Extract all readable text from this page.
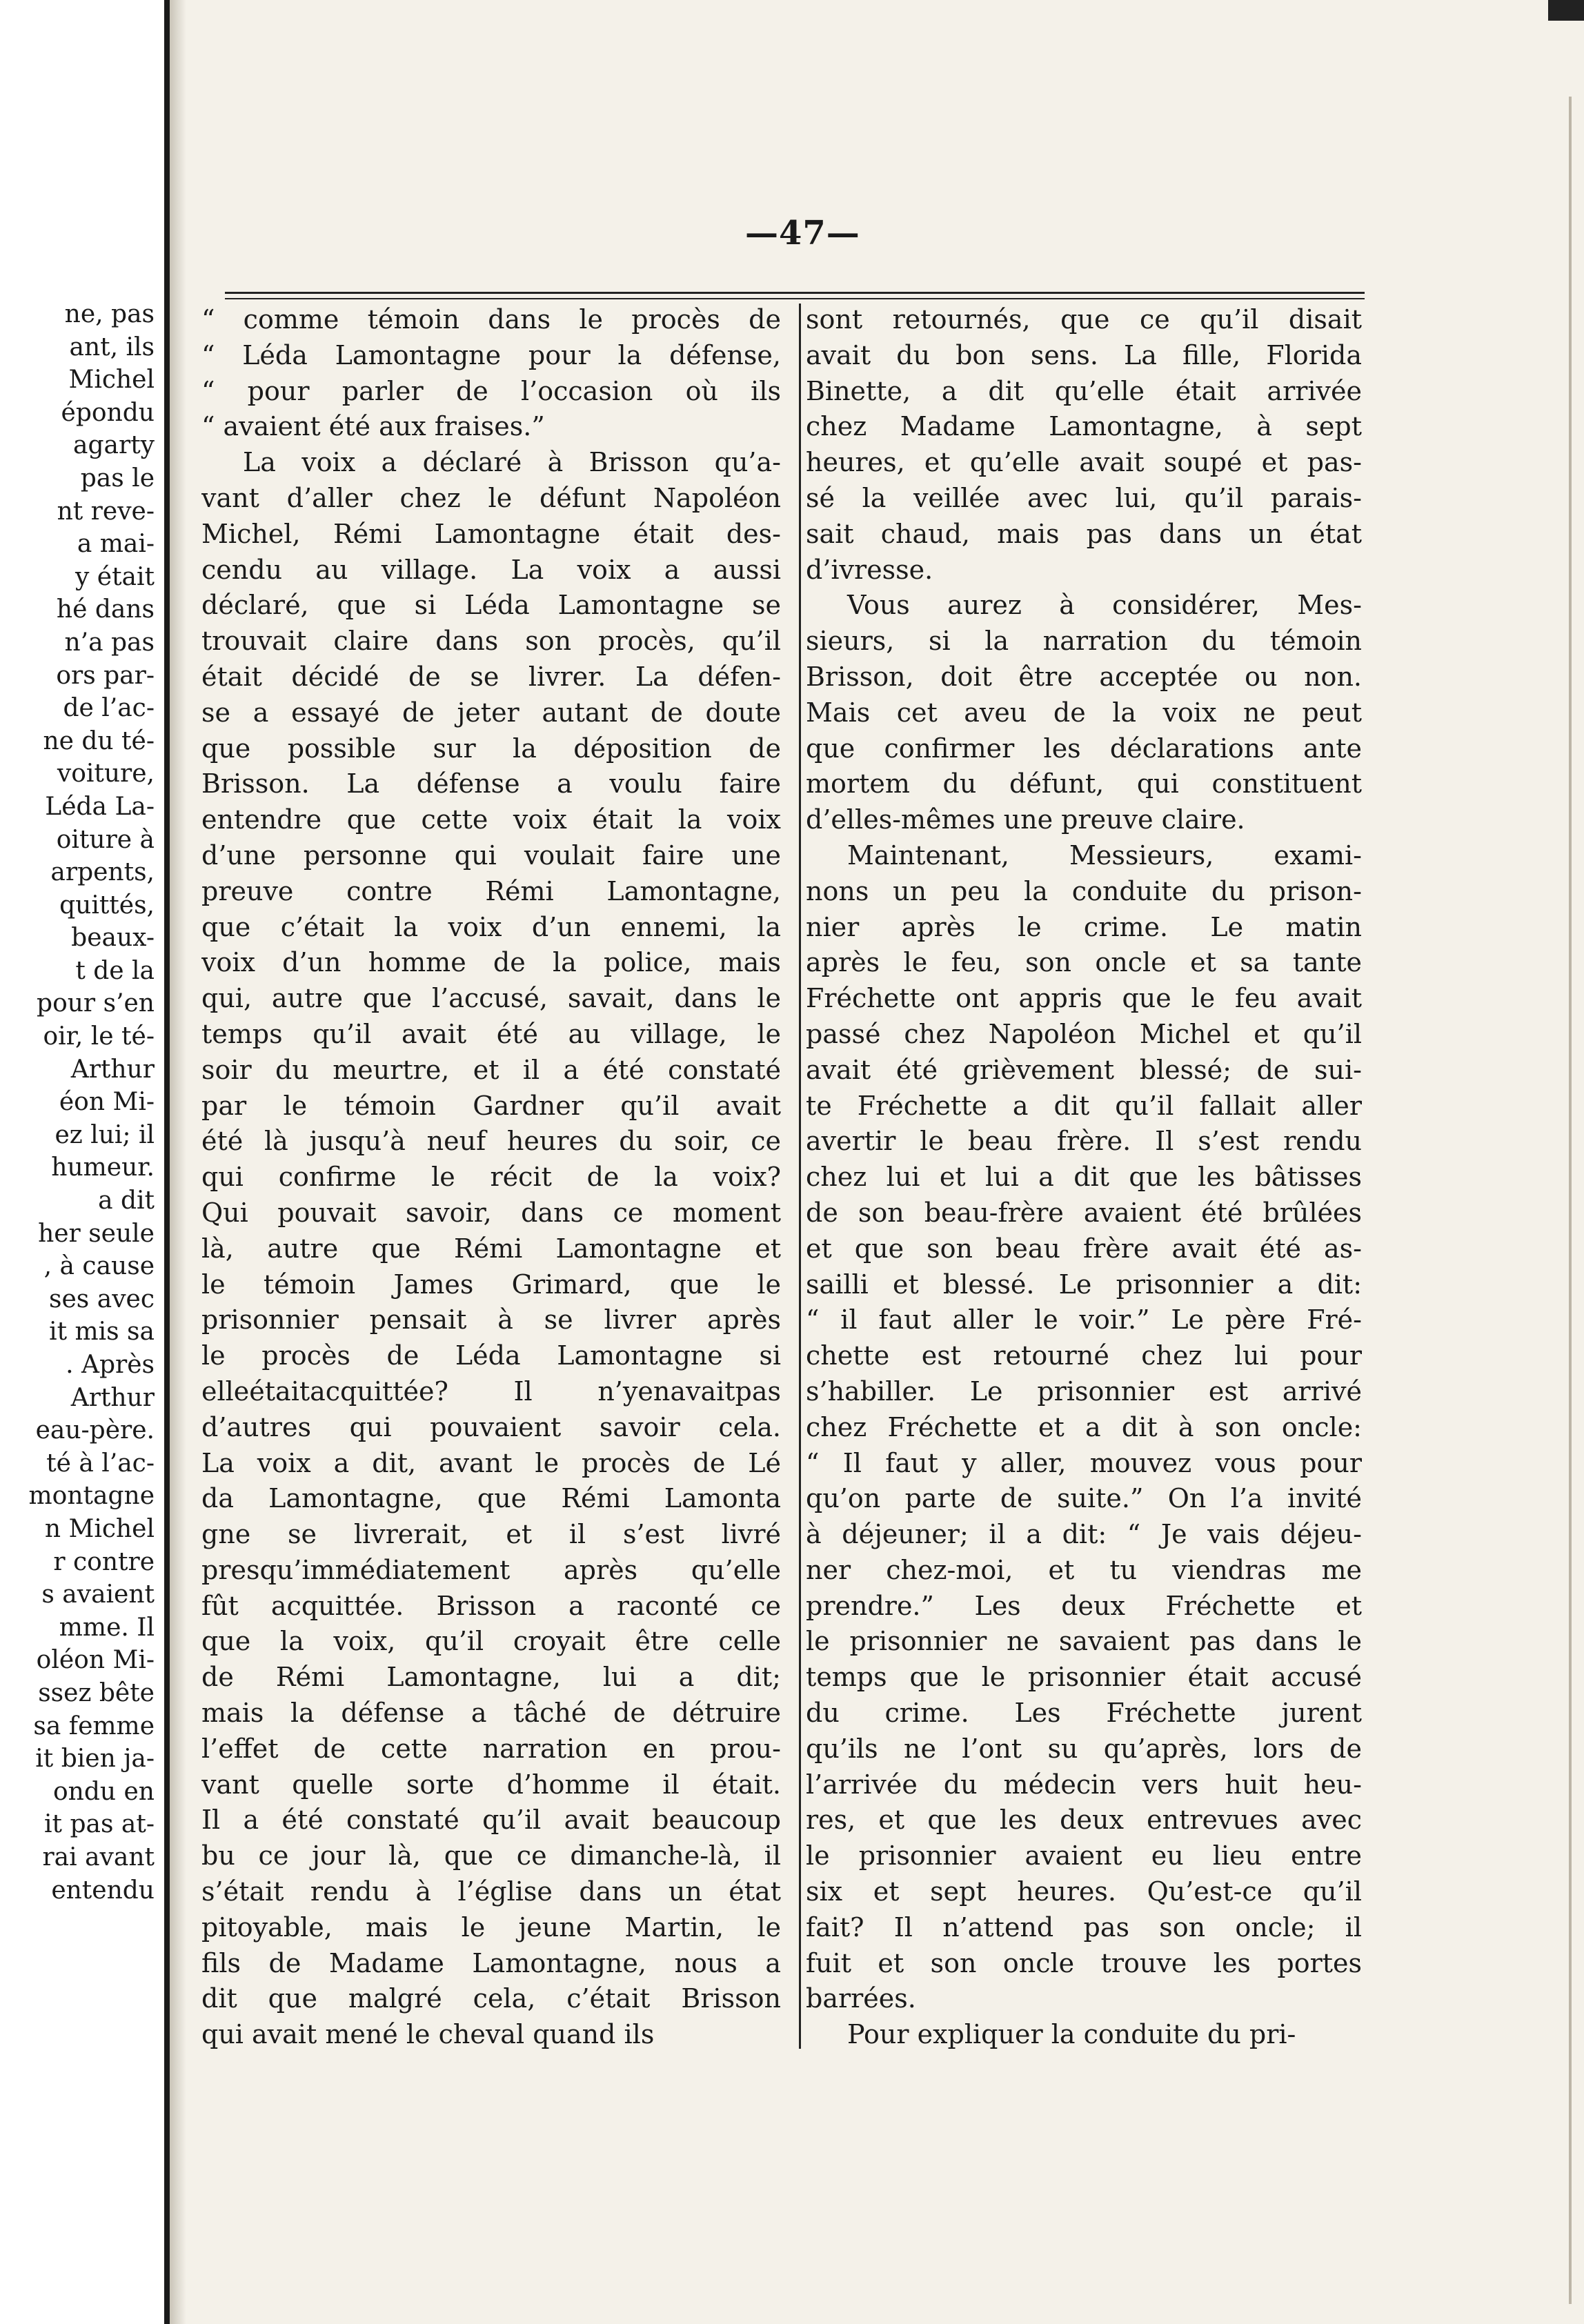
ne, pas
ant, ils
Michel
épondu
agarty
pas le
nt reve-
a mai-
y était
hé dans
n’a pas
ors par-
de l’ac-
ne du té-
voiture,
Léda La-
oiture à
arpents,
quittés,
beaux-
t de la
pour s’en
oir, le té-
Arthur
éon Mi-
ez lui; il
humeur.
a dit
her seule
, à cause
ses avec
it mis sa
. Après
Arthur
eau-père.
té à l’ac-
montagne
n Michel
r contre
s avaient
mme. Il
oléon Mi-
ssez bête
sa femme
it bien ja-
ondu en
it pas at-
rai avant
entendu
—47—
“ comme témoin dans le procès de
“ Léda Lamontagne pour la défense,
“ pour parler de l’occasion où ils
“ avaient été aux fraises.”
La voix a déclaré à Brisson qu’a-
vant d’aller chez le défunt Napoléon
Michel, Rémi Lamontagne était des-
cendu au village. La voix a aussi
déclaré, que si Léda Lamontagne se
trouvait claire dans son procès, qu’il
était décidé de se livrer. La défen-
se a essayé de jeter autant de doute
que possible sur la déposition de
Brisson. La défense a voulu faire
entendre que cette voix était la voix
d’une personne qui voulait faire une
preuve contre Rémi Lamontagne,
que c’était la voix d’un ennemi, la
voix d’un homme de la police, mais
qui, autre que l’accusé, savait, dans le
temps qu’il avait été au village, le
soir du meurtre, et il a été constaté
par le témoin Gardner qu’il avait
été là jusqu’à neuf heures du soir, ce
qui confirme le récit de la voix?
Qui pouvait savoir, dans ce moment
là, autre que Rémi Lamontagne et
le témoin James Grimard, que le
prisonnier pensait à se livrer après
le procès de Léda Lamontagne si
elleétaitacquittée? Il n’yenavaitpas
d’autres qui pouvaient savoir cela.
La voix a dit, avant le procès de Lé
da Lamontagne, que Rémi Lamonta
gne se livrerait, et il s’est livré
presqu’immédiatement après qu’elle
fût acquittée. Brisson a raconté ce
que la voix, qu’il croyait être celle
de Rémi Lamontagne, lui a dit;
mais la défense a tâché de détruire
l’effet de cette narration en prou-
vant quelle sorte d’homme il était.
Il a été constaté qu’il avait beaucoup
bu ce jour là, que ce dimanche-là, il
s’était rendu à l’église dans un état
pitoyable, mais le jeune Martin, le
fils de Madame Lamontagne, nous a
dit que malgré cela, c’était Brisson
qui avait mené le cheval quand ils
sont retournés, que ce qu’il disait
avait du bon sens. La fille, Florida
Binette, a dit qu’elle était arrivée
chez Madame Lamontagne, à sept
heures, et qu’elle avait soupé et pas-
sé la veillée avec lui, qu’il parais-
sait chaud, mais pas dans un état
d’ivresse.
Vous aurez à considérer, Mes-
sieurs, si la narration du témoin
Brisson, doit être acceptée ou non.
Mais cet aveu de la voix ne peut
que confirmer les déclarations ante
mortem du défunt, qui constituent
d’elles-mêmes une preuve claire.
Maintenant, Messieurs, exami-
nons un peu la conduite du prison-
nier après le crime. Le matin
après le feu, son oncle et sa tante
Fréchette ont appris que le feu avait
passé chez Napoléon Michel et qu’il
avait été grièvement blessé; de sui-
te Fréchette a dit qu’il fallait aller
avertir le beau frère. Il s’est rendu
chez lui et lui a dit que les bâtisses
de son beau-frère avaient été brûlées
et que son beau frère avait été as-
sailli et blessé. Le prisonnier a dit:
“ il faut aller le voir.” Le père Fré-
chette est retourné chez lui pour
s’habiller. Le prisonnier est arrivé
chez Fréchette et a dit à son oncle:
“ Il faut y aller, mouvez vous pour
qu’on parte de suite.” On l’a invité
à déjeuner; il a dit: “ Je vais déjeu-
ner chez-moi, et tu viendras me
prendre.” Les deux Fréchette et
le prisonnier ne savaient pas dans le
temps que le prisonnier était accusé
du crime. Les Fréchette jurent
qu’ils ne l’ont su qu’après, lors de
l’arrivée du médecin vers huit heu-
res, et que les deux entrevues avec
le prisonnier avaient eu lieu entre
six et sept heures. Qu’est-ce qu’il
fait? Il n’attend pas son oncle; il
fuit et son oncle trouve les portes
barrées.
Pour expliquer la conduite du pri-
